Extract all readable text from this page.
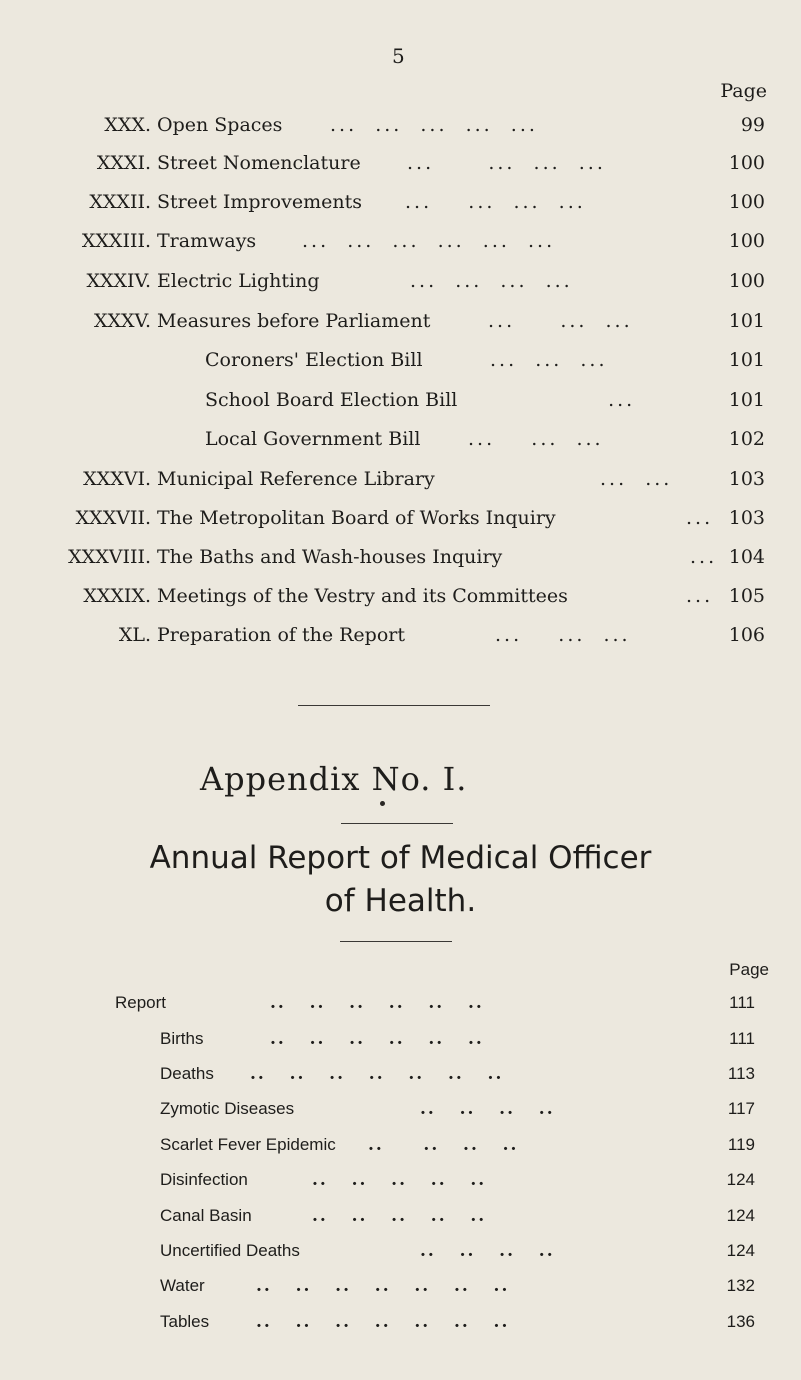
5
Page
XXX. Open Spaces	...  ...  ...  ...  ...	99
XXXI. Street Nomenclature ...      ...  ...  ...	100
XXXII. Street Improvements ...    ...  ...  ...	100
XXXIII. Tramways ...  ...  ...  ...  ...  ...	100
XXXIV. Electric Lighting	...  ...  ...  ...	100
XXXV. Measures before Parliament	...     ...  ...	101
Coroners' Election Bill	...  ...  ...	101
School Board Election Bill	...	101
Local Government Bill	...    ...  ...	102
XXXVI. Municipal Reference Library	...  ...	103
XXXVII. The Metropolitan Board of Works Inquiry	... 103
XXXVIII. The Baths and Wash-houses Inquiry	... 104
XXXIX. Meetings of the Vestry and its Committees	... 105
XL. Preparation of the Report	...    ...  ...	106
Appendix No. I.
Annual Report of Medical Officer
of Health.
Page
Report	..   ..   ..   ..   ..   ..	111
Births	..   ..   ..   ..   ..   ..	111
Deaths ..   ..   ..   ..   ..   ..   ..	113
Zymotic Diseases	..   ..   ..   ..	117
Scarlet Fever Epidemic ..     ..   ..   ..	119
Disinfection	..   ..   ..   ..   ..	124
Canal Basin	..   ..   ..   ..   ..	124
Uncertified Deaths	..   ..   ..   ..	124
Water	..   ..   ..   ..   ..   ..   ..	132
Tables	..   ..   ..   ..   ..   ..   ..	136
